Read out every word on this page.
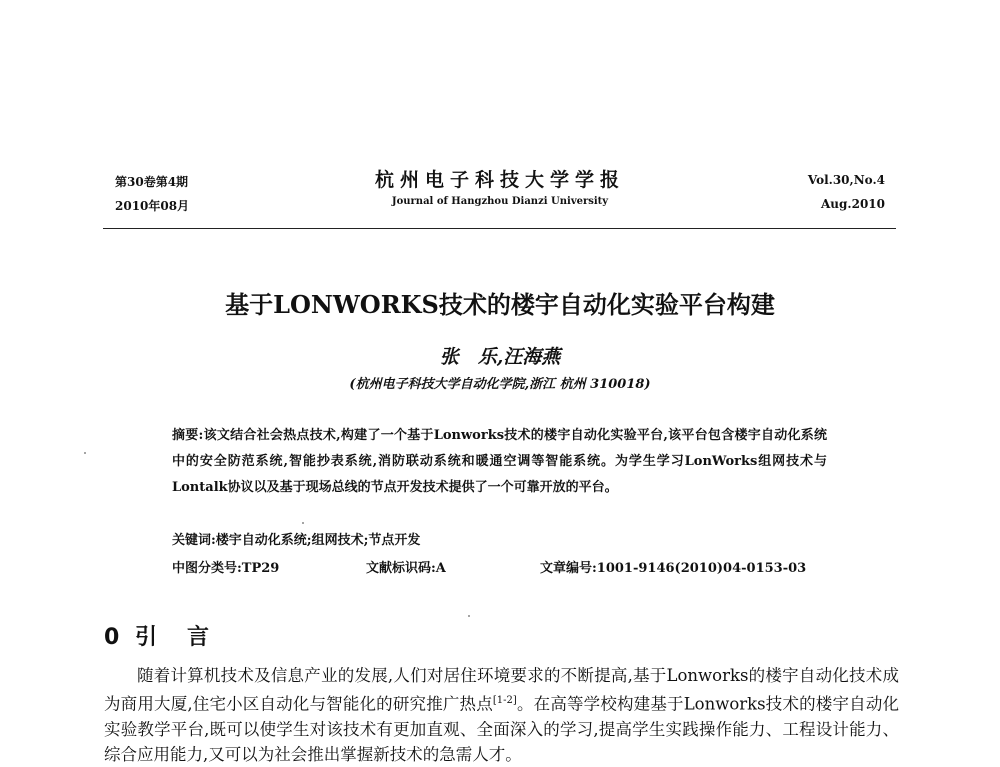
第30卷第4期
2010年08月
杭州电子科技大学学报
Journal of Hangzhou Dianzi University
Vol.30,No.4
Aug.2010
基于LONWORKS技术的楼宇自动化实验平台构建
张　乐,汪海燕
(杭州电子科技大学自动化学院,浙江 杭州 310018)
摘要:该文结合社会热点技术,构建了一个基于Lonworks技术的楼宇自动化实验平台,该平台包含楼宇自动化系统中的安全防范系统,智能抄表系统,消防联动系统和暖通空调等智能系统。为学生学习LonWorks组网技术与Lontalk协议以及基于现场总线的节点开发技术提供了一个可靠开放的平台。
关键词:楼宇自动化系统;组网技术;节点开发
中图分类号:TP29	文献标识码:A	文章编号:1001-9146(2010)04-0153-03
0 引　言
随着计算机技术及信息产业的发展,人们对居住环境要求的不断提高,基于Lonworks的楼宇自动化技术成为商用大厦,住宅小区自动化与智能化的研究推广热点[1-2]。在高等学校构建基于Lonworks技术的楼宇自动化实验教学平台,既可以使学生对该技术有更加直观、全面深入的学习,提高学生实践操作能力、工程设计能力、综合应用能力,又可以为社会推出掌握新技术的急需人才。
